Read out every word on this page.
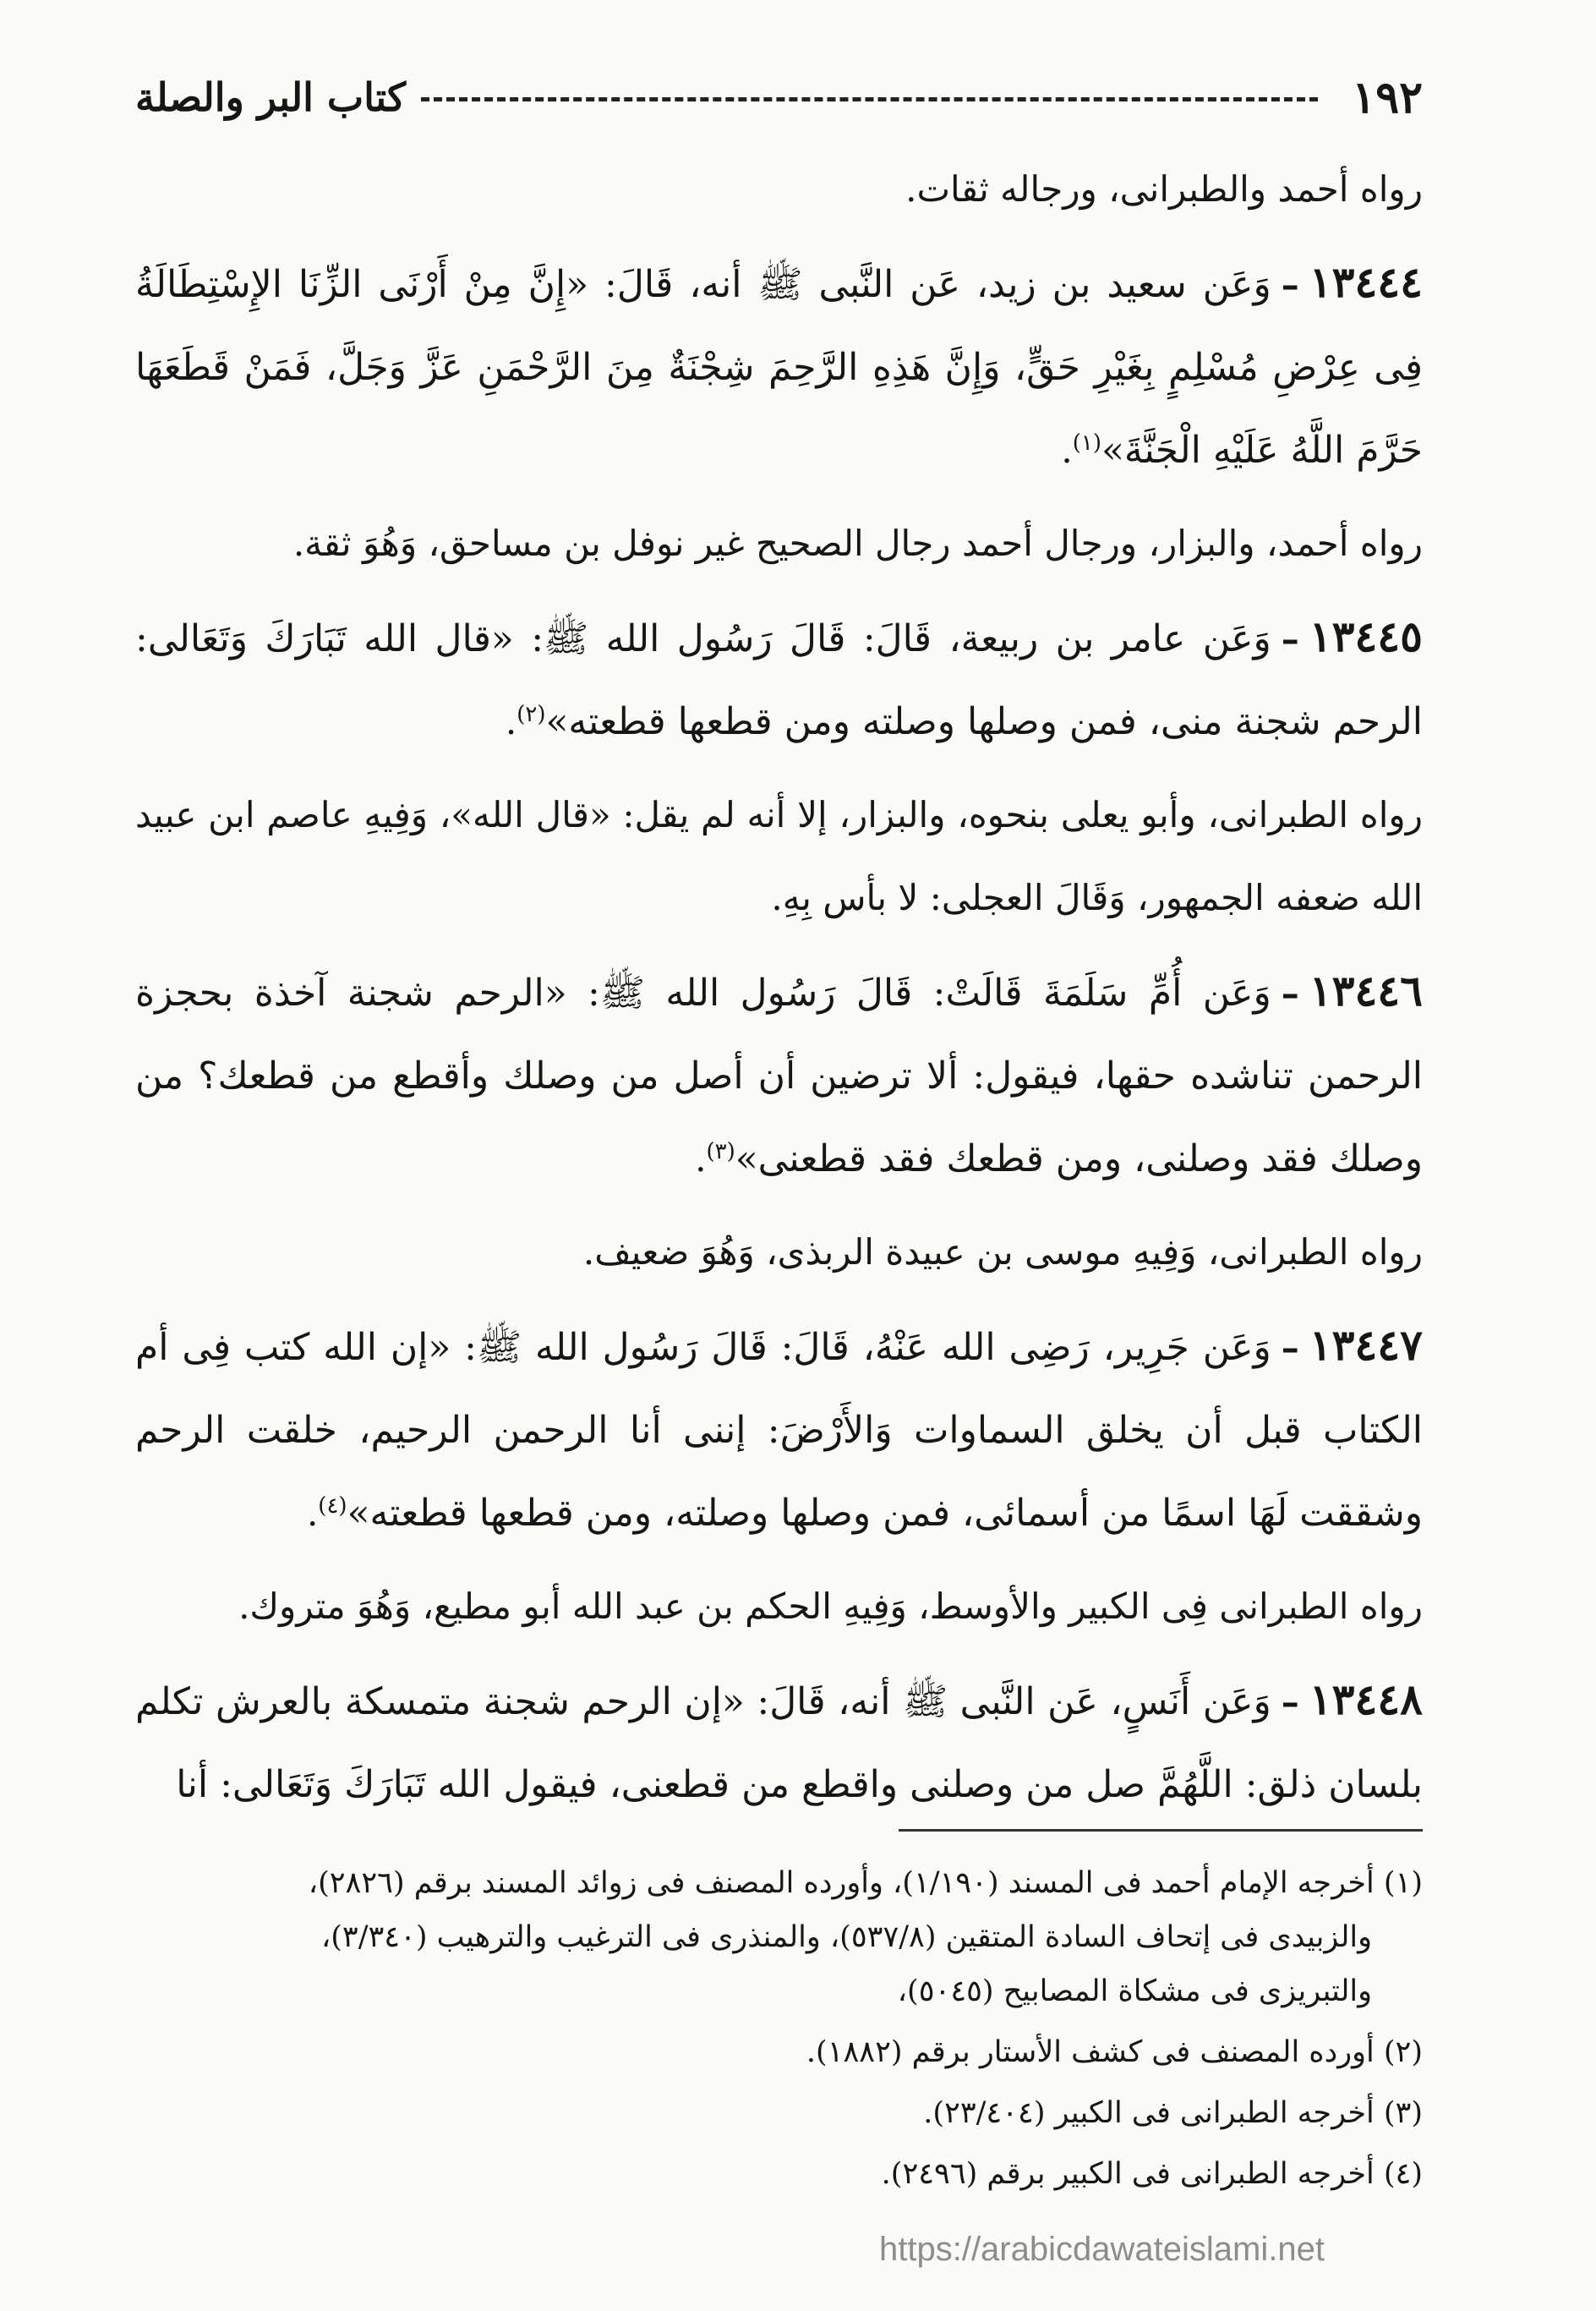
١٩٢
كتاب البر والصلة

رواه أحمد والطبرانى، ورجاله ثقات.

١٣٤٤٤–وَعَن سعيد بن زيد، عَن النَّبى ﷺ أنه، قَالَ: «إِنَّ مِنْ أَرْنَى الزِّنَا الإِسْتِطَالَةُ فِى عِرْضِ مُسْلِمٍ بِغَيْرِ حَقٍّ، وَإِنَّ هَذِهِ الرَّحِمَ شِجْنَةٌ مِنَ الرَّحْمَنِ عَزَّ وَجَلَّ، فَمَنْ قَطَعَهَا حَرَّمَ اللَّهُ عَلَيْهِ الْجَنَّةَ»$^{(١)}$.

رواه أحمد، والبزار، ورجال أحمد رجال الصحيح غير نوفل بن مساحق، وَهُوَ ثقة.

١٣٤٤٥–وَعَن عامر بن ربيعة، قَالَ: قَالَ رَسُول الله ﷺ: «قال الله تَبَارَكَ وَتَعَالى: الرحم شجنة منى، فمن وصلها وصلته ومن قطعها قطعته»$^{(٢)}$.

رواه الطبرانى، وأبو يعلى بنحوه، والبزار، إلا أنه لم يقل: «قال الله»، وَفِيهِ عاصم ابن عبيد الله ضعفه الجمهور، وَقَالَ العجلى: لا بأس بِهِ.

١٣٤٤٦–وَعَن أُمِّ سَلَمَةَ قَالَتْ: قَالَ رَسُول الله ﷺ: «الرحم شجنة آخذة بحجزة الرحمن تناشده حقها، فيقول: ألا ترضين أن أصل من وصلك وأقطع من قطعك؟ من وصلك فقد وصلنى، ومن قطعك فقد قطعنى»$^{(٣)}$.

رواه الطبرانى، وَفِيهِ موسى بن عبيدة الربذى، وَهُوَ ضعيف.

١٣٤٤٧–وَعَن جَرِير، رَضِى الله عَنْهُ، قَالَ: قَالَ رَسُول الله ﷺ: «إن الله كتب فِى أم الكتاب قبل أن يخلق السماوات وَالأَرْضَ: إننى أنا الرحمن الرحيم، خلقت الرحم وشققت لَهَا اسمًا من أسمائى، فمن وصلها وصلته، ومن قطعها قطعته»$^{(٤)}$.

رواه الطبرانى فِى الكبير والأوسط، وَفِيهِ الحكم بن عبد الله أبو مطيع، وَهُوَ متروك.

١٣٤٤٨–وَعَن أَنَسٍ، عَن النَّبى ﷺ أنه، قَالَ: «إن الرحم شجنة متمسكة بالعرش تكلم بلسان ذلق: اللَّهُمَّ صل من وصلنى واقطع من قطعنى، فيقول الله تَبَارَكَ وَتَعَالى: أنا

(١) أخرجه الإمام أحمد فى المسند (١/١٩٠)، وأورده المصنف فى زوائد المسند برقم (٢٨٢٦)،
والزبيدى فى إتحاف السادة المتقين (٥٣٧/٨)، والمنذرى فى الترغيب والترهيب (٣/٣٤٠)،
والتبريزى فى مشكاة المصابيح (٥٠٤٥)،

(٢) أورده المصنف فى كشف الأستار برقم (١٨٨٢).

(٣) أخرجه الطبرانى فى الكبير (٢٣/٤٠٤).

(٤) أخرجه الطبرانى فى الكبير برقم (٢٤٩٦).

https://arabicdawateislami.net
